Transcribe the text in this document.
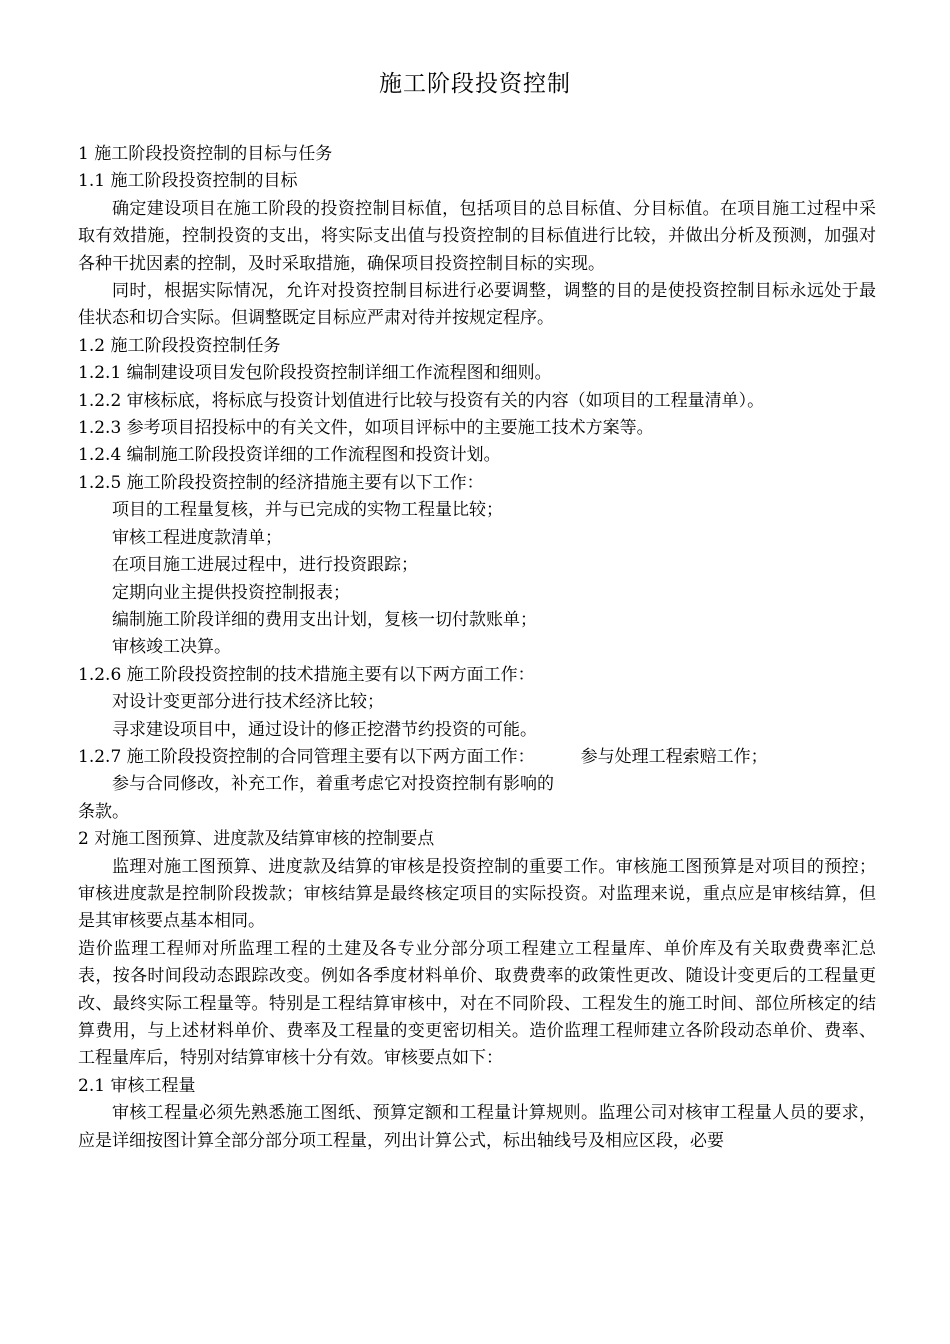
施工阶段投资控制

1 施工阶段投资控制的目标与任务

1.1 施工阶段投资控制的目标

确定建设项目在施工阶段的投资控制目标值，包括项目的总目标值、分目标值。在项目施工过程中采取有效措施，控制投资的支出，将实际支出值与投资控制的目标值进行比较，并做出分析及预测，加强对各种干扰因素的控制，及时采取措施，确保项目投资控制目标的实现。

同时，根据实际情况，允许对投资控制目标进行必要调整，调整的目的是使投资控制目标永远处于最佳状态和切合实际。但调整既定目标应严肃对待并按规定程序。

1.2 施工阶段投资控制任务

1.2.1 编制建设项目发包阶段投资控制详细工作流程图和细则。

1.2.2 审核标底，将标底与投资计划值进行比较与投资有关的内容（如项目的工程量清单）。

1.2.3 参考项目招投标中的有关文件，如项目评标中的主要施工技术方案等。

1.2.4 编制施工阶段投资详细的工作流程图和投资计划。

1.2.5 施工阶段投资控制的经济措施主要有以下工作：

项目的工程量复核，并与已完成的实物工程量比较；

审核工程进度款清单；

在项目施工进展过程中，进行投资跟踪；

定期向业主提供投资控制报表；

编制施工阶段详细的费用支出计划，复核一切付款账单；

审核竣工决算。

1.2.6 施工阶段投资控制的技术措施主要有以下两方面工作：

对设计变更部分进行技术经济比较；

寻求建设项目中，通过设计的修正挖潜节约投资的可能。

1.2.7 施工阶段投资控制的合同管理主要有以下两方面工作：	参与处理工程索赔工作；

参与合同修改，补充工作，着重考虑它对投资控制有影响的

条款。

2 对施工图预算、进度款及结算审核的控制要点

监理对施工图预算、进度款及结算的审核是投资控制的重要工作。审核施工图预算是对项目的预控；审核进度款是控制阶段拨款；审核结算是最终核定项目的实际投资。对监理来说，重点应是审核结算，但是其审核要点基本相同。

造价监理工程师对所监理工程的土建及各专业分部分项工程建立工程量库、单价库及有关取费费率汇总表，按各时间段动态跟踪改变。例如各季度材料单价、取费费率的政策性更改、随设计变更后的工程量更改、最终实际工程量等。特别是工程结算审核中，对在不同阶段、工程发生的施工时间、部位所核定的结算费用，与上述材料单价、费率及工程量的变更密切相关。造价监理工程师建立各阶段动态单价、费率、工程量库后，特别对结算审核十分有效。审核要点如下：

2.1 审核工程量

审核工程量必须先熟悉施工图纸、预算定额和工程量计算规则。监理公司对核审工程量人员的要求，应是详细按图计算全部分部分项工程量，列出计算公式，标出轴线号及相应区段，必要
